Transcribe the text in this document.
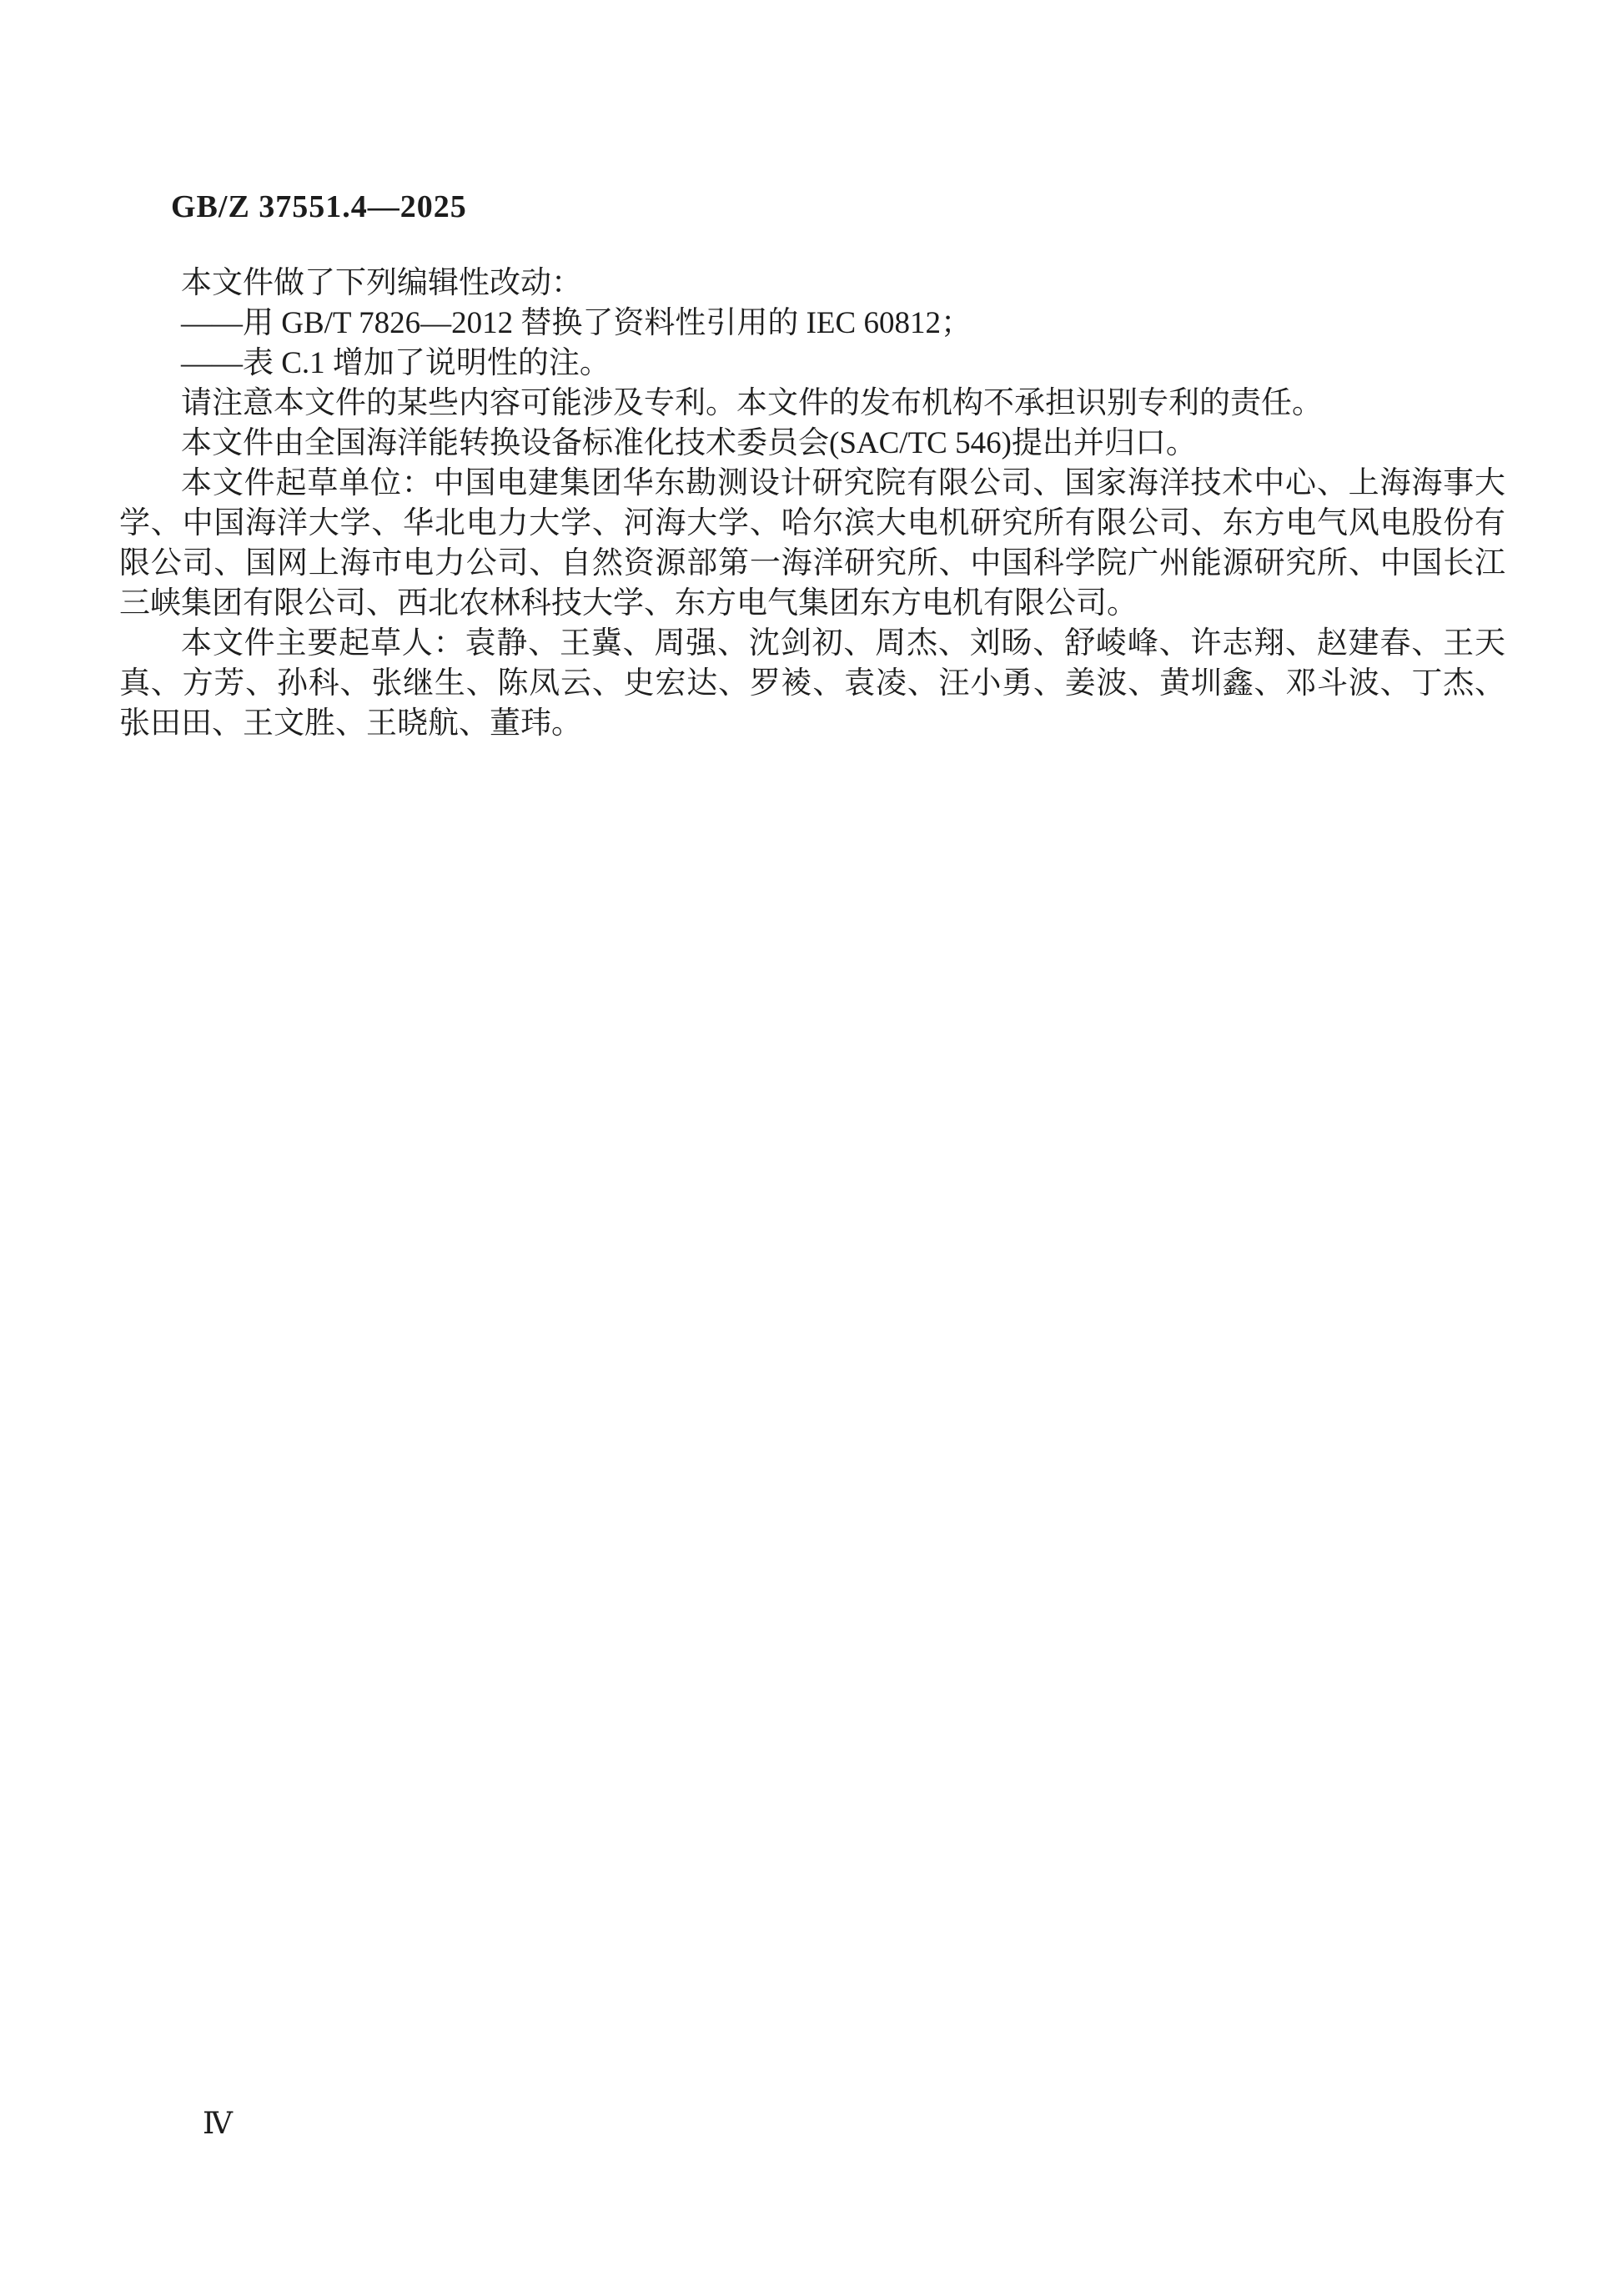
GB/Z 37551.4—2025

本文件做了下列编辑性改动：

——用 GB/T 7826—2012 替换了资料性引用的 IEC 60812；

——表 C.1 增加了说明性的注。

请注意本文件的某些内容可能涉及专利。本文件的发布机构不承担识别专利的责任。

本文件由全国海洋能转换设备标准化技术委员会(SAC/TC 546)提出并归口。

本文件起草单位：中国电建集团华东勘测设计研究院有限公司、国家海洋技术中心、上海海事大学、中国海洋大学、华北电力大学、河海大学、哈尔滨大电机研究所有限公司、东方电气风电股份有限公司、国网上海市电力公司、自然资源部第一海洋研究所、中国科学院广州能源研究所、中国长江三峡集团有限公司、西北农林科技大学、东方电气集团东方电机有限公司。

本文件主要起草人：袁静、王冀、周强、沈剑初、周杰、刘旸、舒崚峰、许志翔、赵建春、王天真、方芳、孙科、张继生、陈凤云、史宏达、罗裬、袁凌、汪小勇、姜波、黄圳鑫、邓斗波、丁杰、张田田、王文胜、王晓航、董玮。

Ⅳ
